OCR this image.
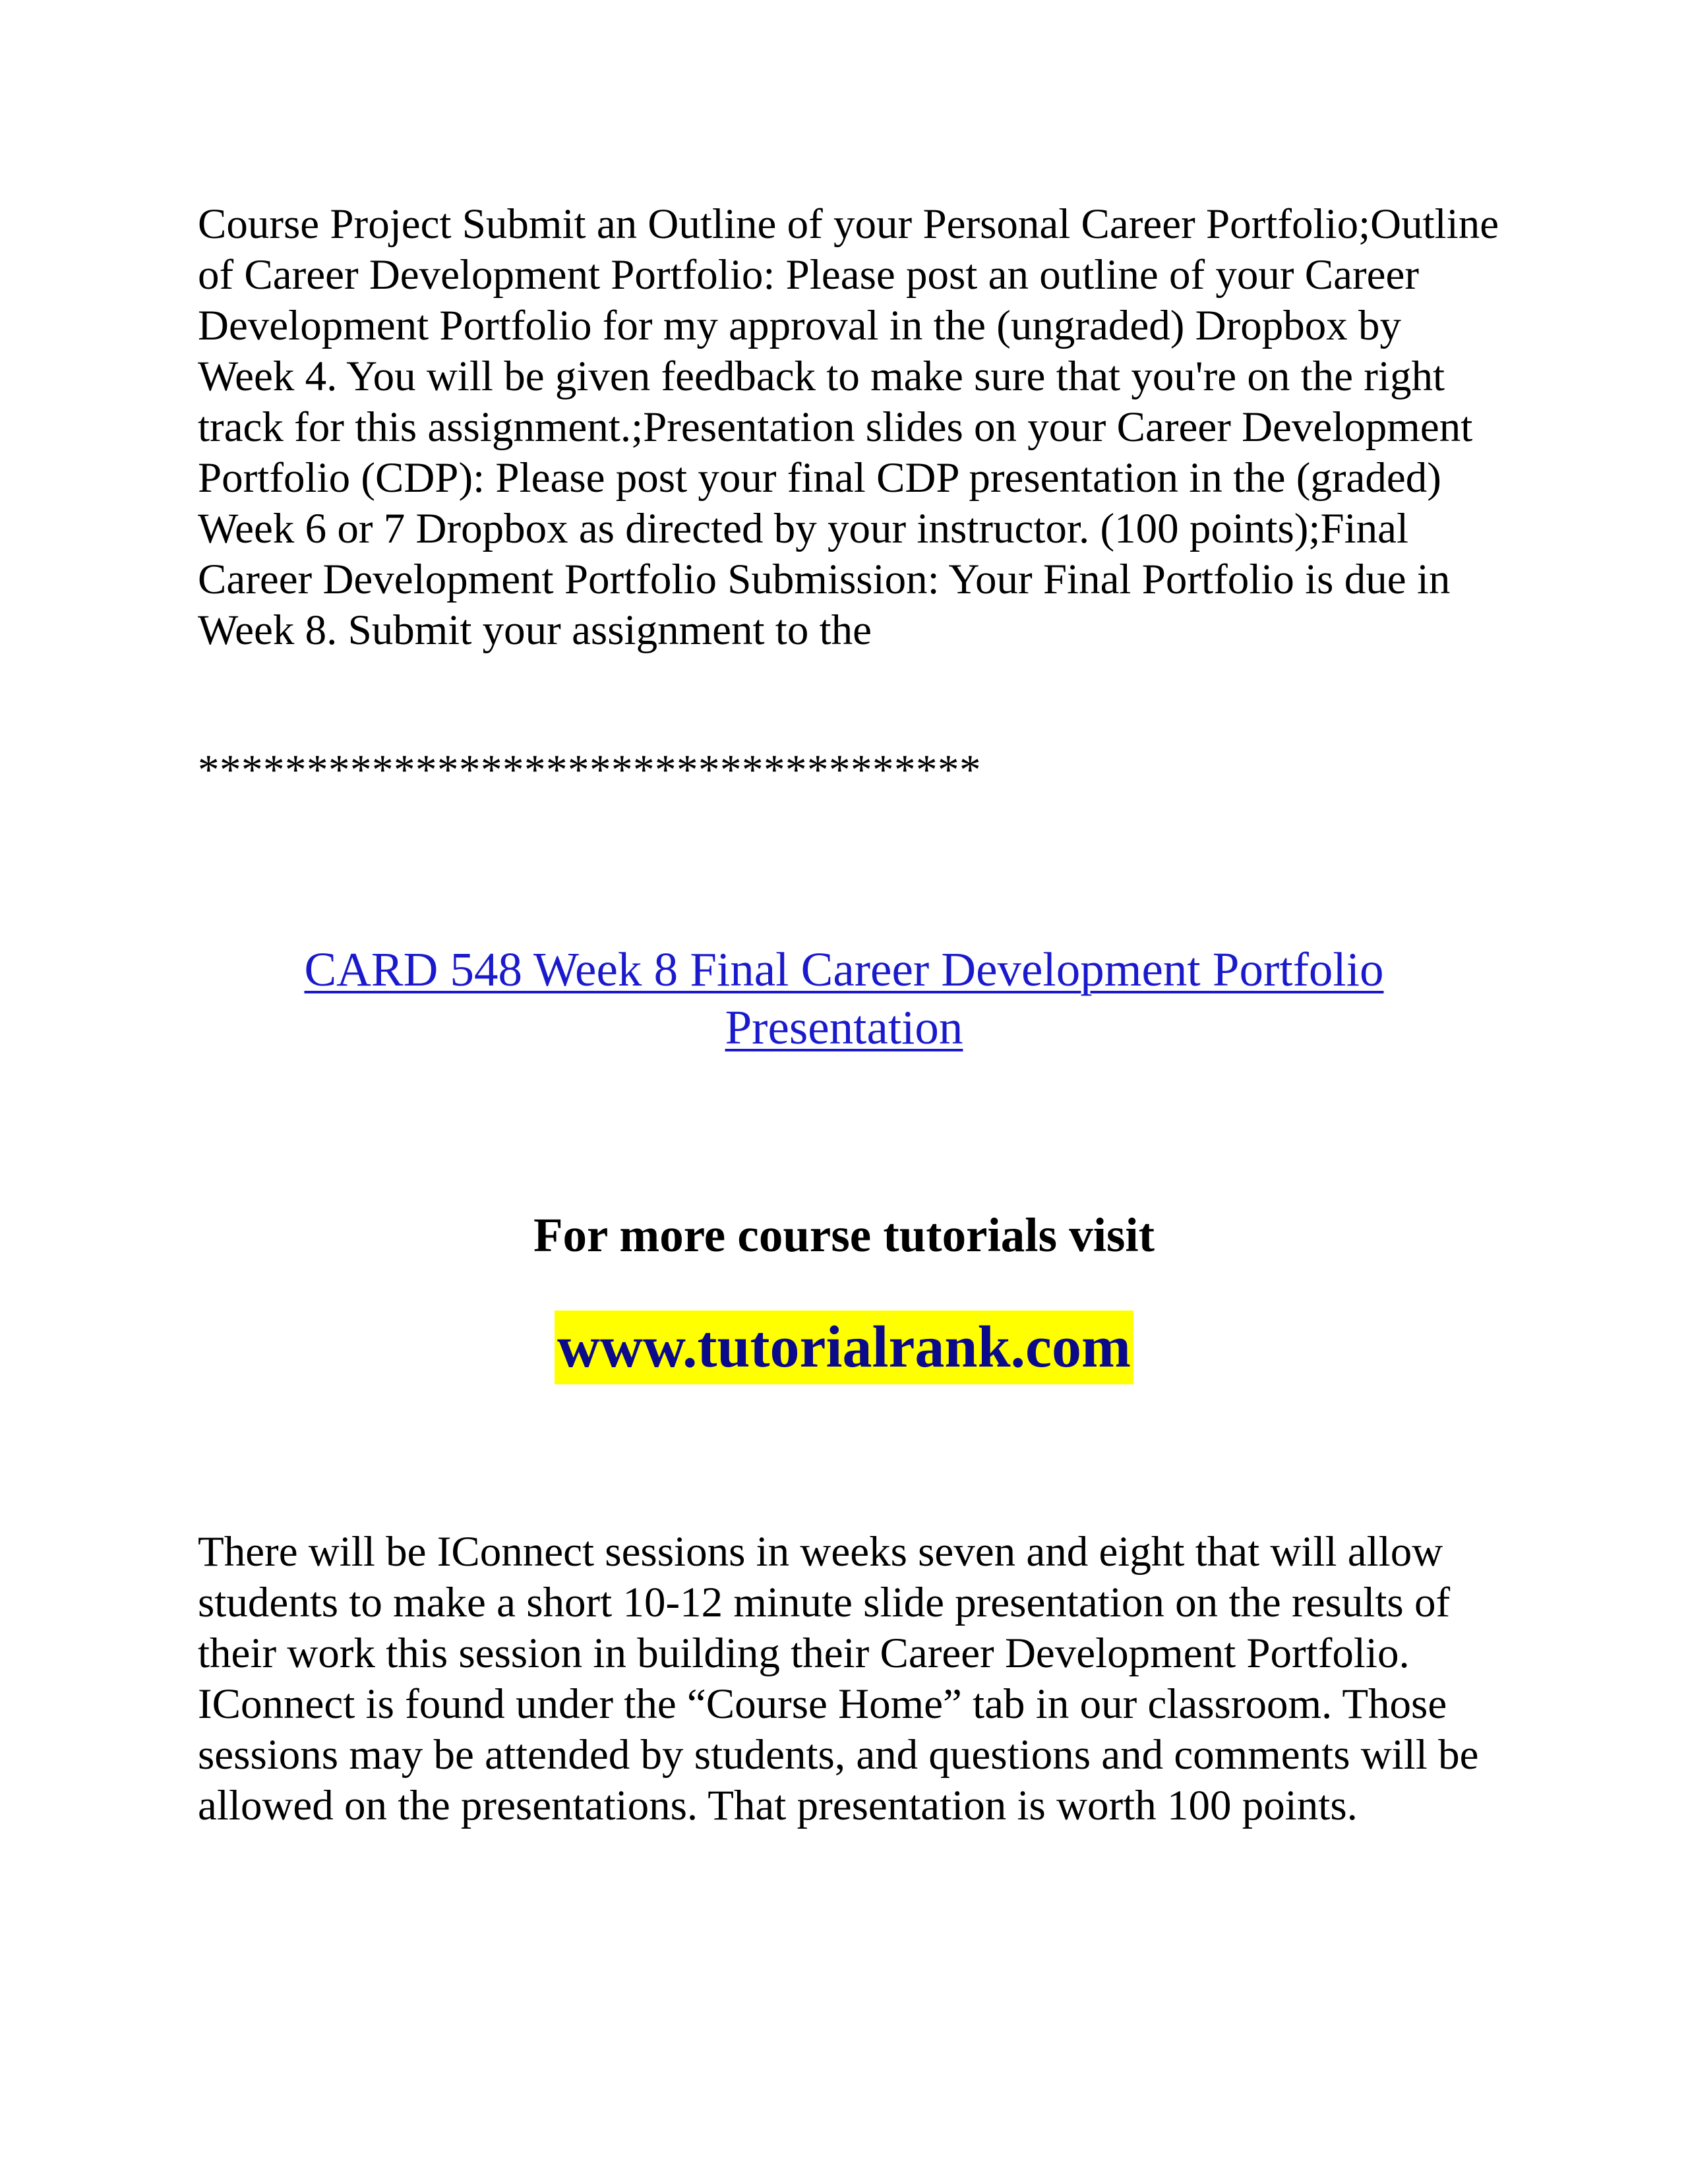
Course Project Submit an Outline of your Personal Career Portfolio;Outline of Career Development Portfolio: Please post an outline of your Career Development Portfolio for my approval in the (ungraded) Dropbox by Week 4. You will be given feedback to make sure that you're on the right track for this assignment.;Presentation slides on your Career Development Portfolio (CDP): Please post your final CDP presentation in the (graded) Week 6 or 7 Dropbox as directed by your instructor. (100 points);Final Career Development Portfolio Submission: Your Final Portfolio is due in Week 8. Submit your assignment to the

************************************

CARD 548 Week 8 Final Career Development Portfolio
Presentation

For more course tutorials visit

www.tutorialrank.com

There will be IConnect sessions in weeks seven and eight that will allow students to make a short 10-12 minute slide presentation on the results of their work this session in building their Career Development Portfolio. IConnect is found under the “Course Home” tab in our classroom. Those sessions may be attended by students, and questions and comments will be allowed on the presentations. That presentation is worth 100 points.
